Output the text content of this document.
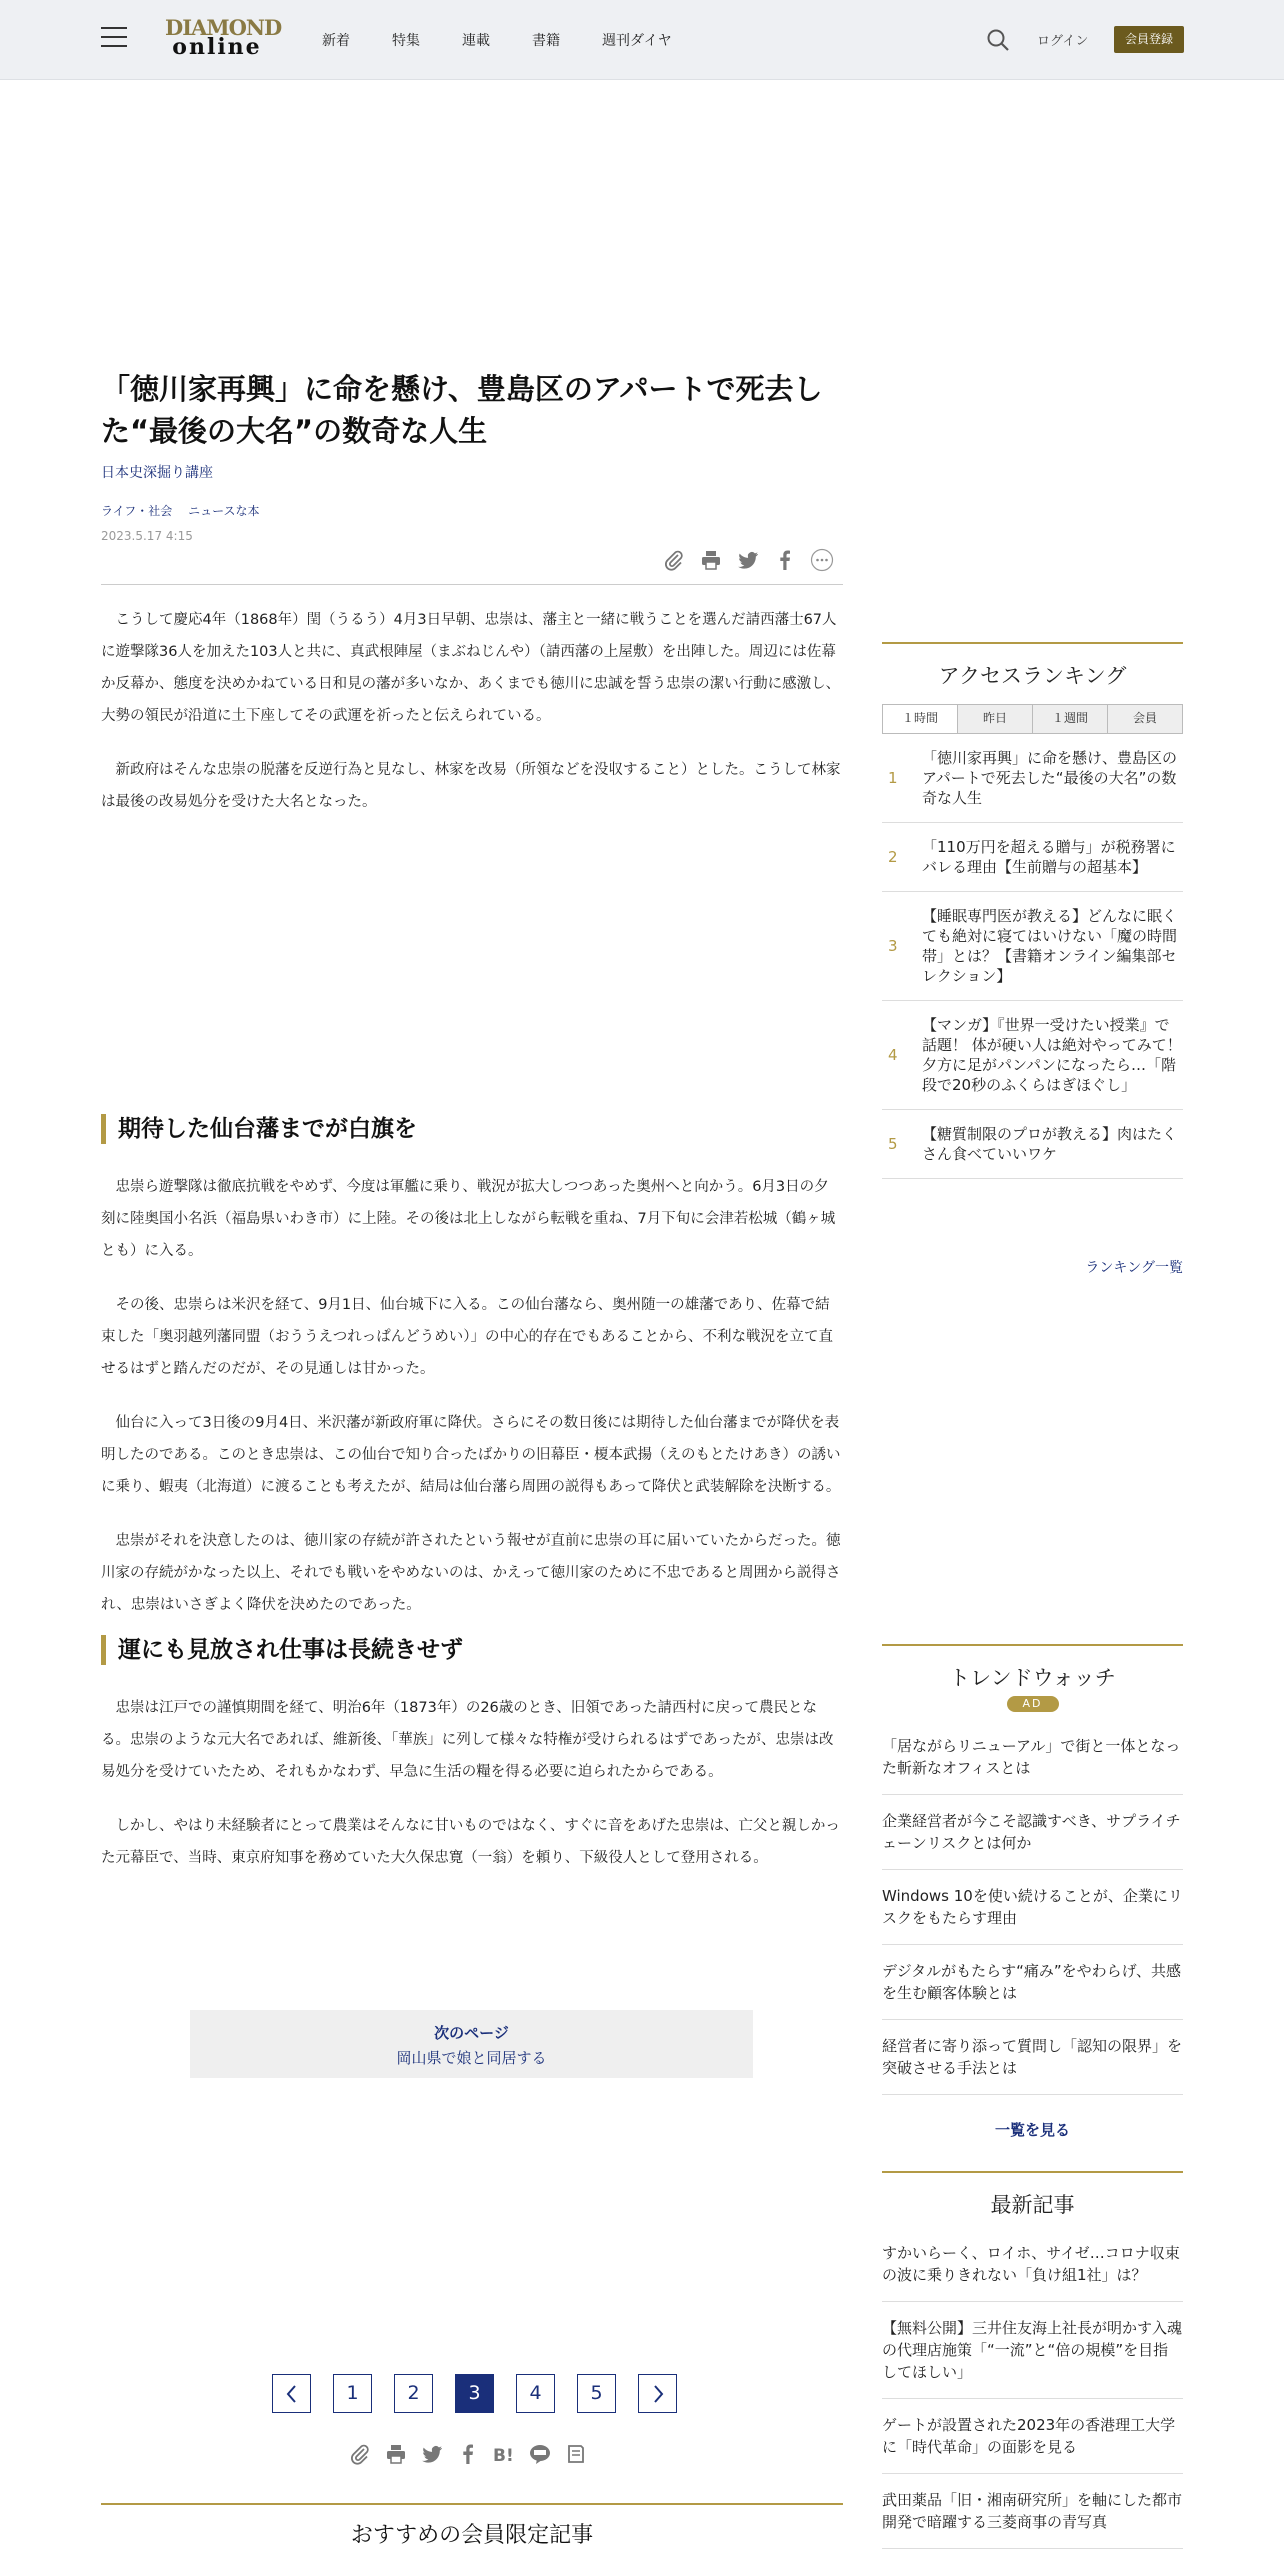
DIAMOND
online	新着	特集	連載	書籍	週刊ダイヤ	ログイン	会員登録
「徳川家再興」に命を懸け、豊島区のアパートで死去した“最後の大名”の数奇な人生
日本史深掘り講座
ライフ・社会 ニュースな本
2023.5.17 4:15

こうして慶応4年（1868年）閏（うるう）4月3日早朝、忠崇は、藩主と一緒に戦うことを選んだ請西藩士67人に遊撃隊36人を加えた103人と共に、真武根陣屋（まぶねじんや）（請西藩の上屋敷）を出陣した。周辺には佐幕か反幕か、態度を決めかねている日和見の藩が多いなか、あくまでも徳川に忠誠を誓う忠崇の潔い行動に感激し、大勢の領民が沿道に土下座してその武運を祈ったと伝えられている。

新政府はそんな忠崇の脱藩を反逆行為と見なし、林家を改易（所領などを没収すること）とした。こうして林家は最後の改易処分を受けた大名となった。

期待した仙台藩までが白旗を

忠崇ら遊撃隊は徹底抗戦をやめず、今度は軍艦に乗り、戦況が拡大しつつあった奥州へと向かう。6月3日の夕刻に陸奥国小名浜（福島県いわき市）に上陸。その後は北上しながら転戦を重ね、7月下旬に会津若松城（鶴ヶ城とも）に入る。

その後、忠崇らは米沢を経て、9月1日、仙台城下に入る。この仙台藩なら、奥州随一の雄藩であり、佐幕で結束した「奥羽越列藩同盟（おううえつれっぱんどうめい）」の中心的存在でもあることから、不利な戦況を立て直せるはずと踏んだのだが、その見通しは甘かった。

仙台に入って3日後の9月4日、米沢藩が新政府軍に降伏。さらにその数日後には期待した仙台藩までが降伏を表明したのである。このとき忠崇は、この仙台で知り合ったばかりの旧幕臣・榎本武揚（えのもとたけあき）の誘いに乗り、蝦夷（北海道）に渡ることも考えたが、結局は仙台藩ら周囲の説得もあって降伏と武装解除を決断する。

忠崇がそれを決意したのは、徳川家の存続が許されたという報せが直前に忠崇の耳に届いていたからだった。徳川家の存続がかなった以上、それでも戦いをやめないのは、かえって徳川家のために不忠であると周囲から説得され、忠崇はいさぎよく降伏を決めたのであった。

運にも見放され仕事は長続きせず

忠崇は江戸での謹慎期間を経て、明治6年（1873年）の26歳のとき、旧領であった請西村に戻って農民となる。忠崇のような元大名であれば、維新後、「華族」に列して様々な特権が受けられるはずであったが、忠崇は改易処分を受けていたため、それもかなわず、早急に生活の糧を得る必要に迫られたからである。

しかし、やはり未経験者にとって農業はそんなに甘いものではなく、すぐに音をあげた忠崇は、亡父と親しかった元幕臣で、当時、東京府知事を務めていた大久保忠寛（一翁）を頼り、下級役人として登用される。

次のページ
岡山県で娘と同居する
1	2	3	4	5
B!
おすすめの会員限定記事
アクセスランキング
１時間	昨日	１週間	会員
1
「徳川家再興」に命を懸け、豊島区のアパートで死去した“最後の大名”の数奇な人生
2
「110万円を超える贈与」が税務署にバレる理由【生前贈与の超基本】
3
【睡眠専門医が教える】どんなに眠くても絶対に寝てはいけない「魔の時間帯」とは？【書籍オンライン編集部セレクション】
4
【マンガ】『世界一受けたい授業』で話題！ 体が硬い人は絶対やってみて！ 夕方に足がパンパンになったら…「階段で20秒のふくらはぎほぐし」
5
【糖質制限のプロが教える】肉はたくさん食べていいワケ
ランキング一覧
トレンドウォッチ
AD
「居ながらリニューアル」で街と一体となった斬新なオフィスとは
企業経営者が今こそ認識すべき、サプライチェーンリスクとは何か
Windows 10を使い続けることが、企業にリスクをもたらす理由
デジタルがもたらす“痛み”をやわらげ、共感を生む顧客体験とは
経営者に寄り添って質問し「認知の限界」を突破させる手法とは
一覧を見る
最新記事
すかいらーく、ロイホ、サイゼ…コロナ収束の波に乗りきれない「負け組1社」は？
【無料公開】三井住友海上社長が明かす入魂の代理店施策「“一流”と“倍の規模”を目指してほしい」
ゲートが設置された2023年の香港理工大学に「時代革命」の面影を見る
武田薬品「旧・湘南研究所」を軸にした都市開発で暗躍する三菱商事の青写真
